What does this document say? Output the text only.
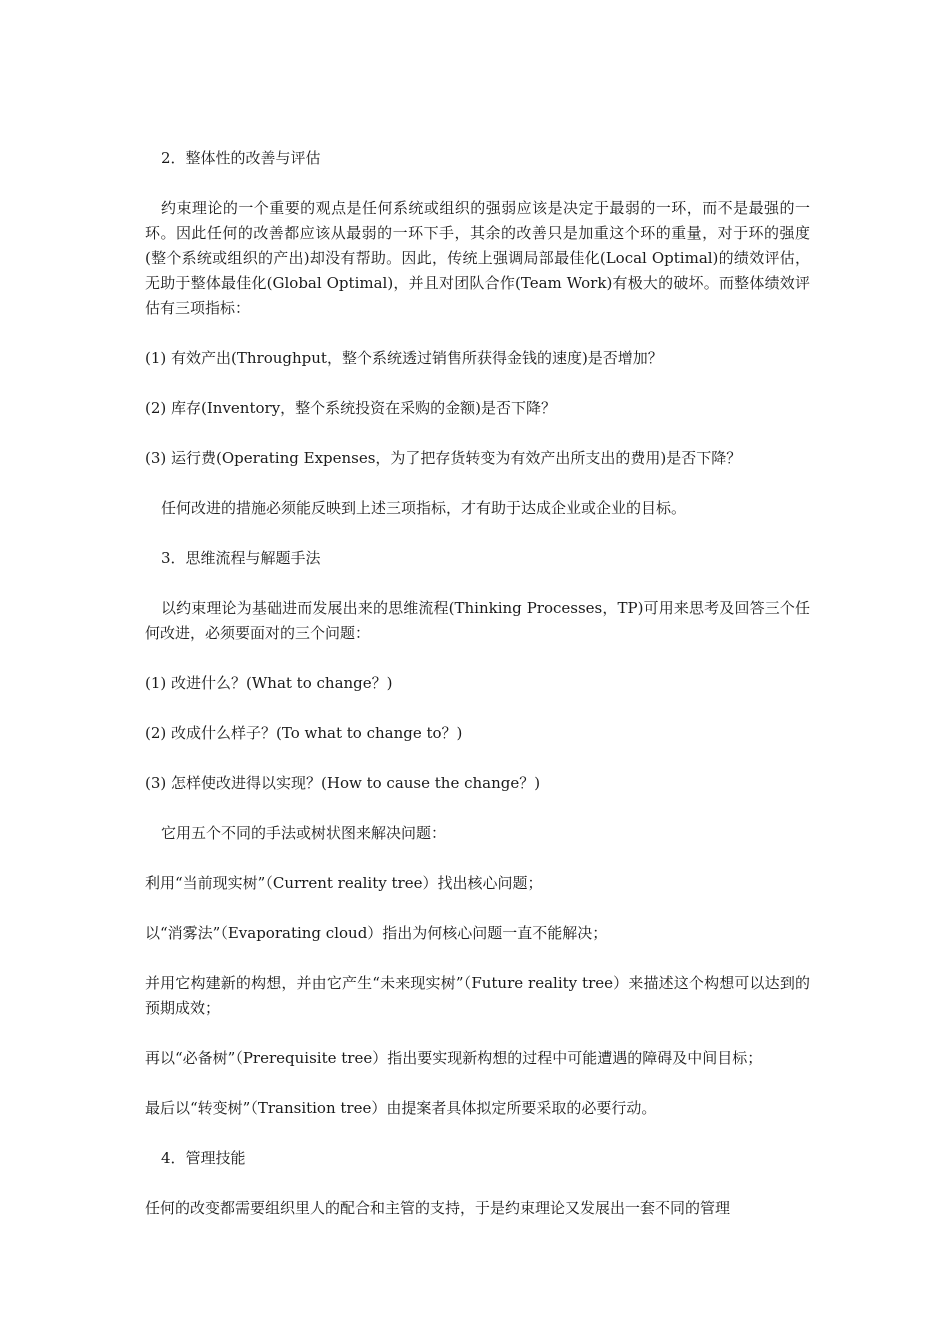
2．整体性的改善与评估

约束理论的一个重要的观点是任何系统或组织的强弱应该是决定于最弱的一环，而不是最强的一环。因此任何的改善都应该从最弱的一环下手，其余的改善只是加重这个环的重量，对于环的强度(整个系统或组织的产出)却没有帮助。因此，传统上强调局部最佳化(Local Optimal)的绩效评估，无助于整体最佳化(Global Optimal)，并且对团队合作(Team Work)有极大的破坏。而整体绩效评估有三项指标：

(1) 有效产出(Throughput，整个系统透过销售所获得金钱的速度)是否增加？

(2) 库存(Inventory，整个系统投资在采购的金额)是否下降？

(3) 运行费(Operating Expenses，为了把存货转变为有效产出所支出的费用)是否下降？

任何改进的措施必须能反映到上述三项指标，才有助于达成企业或企业的目标。

3．思维流程与解题手法

以约束理论为基础进而发展出来的思维流程(Thinking Processes，TP)可用来思考及回答三个任何改进，必须要面对的三个问题：

(1) 改进什么？(What to change？)

(2) 改成什么样子？(To what to change to？)

(3) 怎样使改进得以实现？(How to cause the change？)

它用五个不同的手法或树状图来解决问题：

利用“当前现实树”（Current reality tree）找出核心问题；

以“消雾法”（Evaporating cloud）指出为何核心问题一直不能解决；

并用它构建新的构想，并由它产生“未来现实树”（Future reality tree）来描述这个构想可以达到的预期成效；

再以“必备树”（Prerequisite tree）指出要实现新构想的过程中可能遭遇的障碍及中间目标；

最后以“转变树”（Transition tree）由提案者具体拟定所要采取的必要行动。

4．管理技能

任何的改变都需要组织里人的配合和主管的支持，于是约束理论又发展出一套不同的管理
